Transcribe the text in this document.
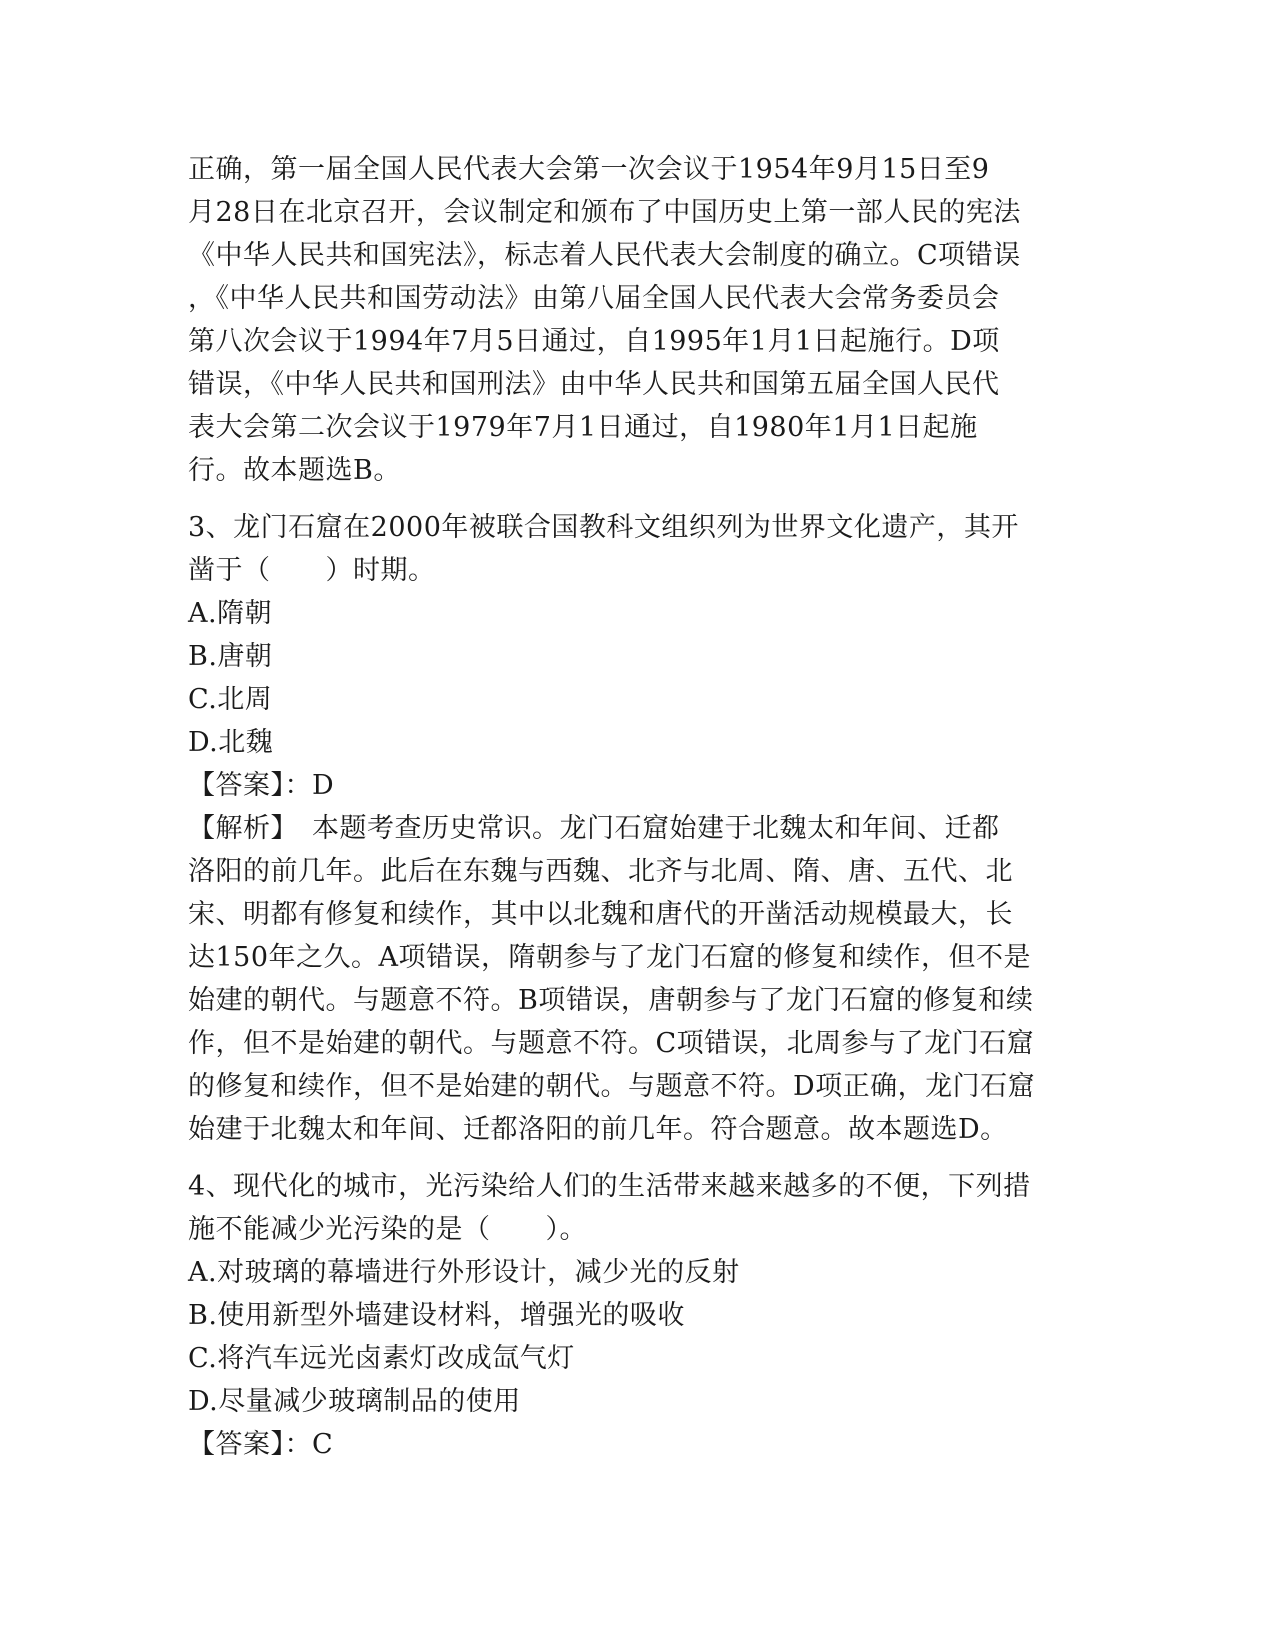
正确，第一届全国人民代表大会第一次会议于1954年9月15日至9
月28日在北京召开，会议制定和颁布了中国历史上第一部人民的宪法
《中华人民共和国宪法》，标志着人民代表大会制度的确立。C项错误
，《中华人民共和国劳动法》由第八届全国人民代表大会常务委员会
第八次会议于1994年7月5日通过，自1995年1月1日起施行。D项
错误，《中华人民共和国刑法》由中华人民共和国第五届全国人民代
表大会第二次会议于1979年7月1日通过，自1980年1月1日起施
行。故本题选B。
3、龙门石窟在2000年被联合国教科文组织列为世界文化遗产，其开
凿于（　　）时期。
A.隋朝
B.唐朝
C.北周
D.北魏
【答案】：D
【解析】　本题考查历史常识。龙门石窟始建于北魏太和年间、迁都
洛阳的前几年。此后在东魏与西魏、北齐与北周、隋、唐、五代、北
宋、明都有修复和续作，其中以北魏和唐代的开凿活动规模最大，长
达150年之久。A项错误，隋朝参与了龙门石窟的修复和续作，但不是
始建的朝代。与题意不符。B项错误，唐朝参与了龙门石窟的修复和续
作，但不是始建的朝代。与题意不符。C项错误，北周参与了龙门石窟
的修复和续作，但不是始建的朝代。与题意不符。D项正确，龙门石窟
始建于北魏太和年间、迁都洛阳的前几年。符合题意。故本题选D。
4、现代化的城市，光污染给人们的生活带来越来越多的不便，下列措
施不能减少光污染的是（　　）。
A.对玻璃的幕墙进行外形设计，减少光的反射
B.使用新型外墙建设材料，增强光的吸收
C.将汽车远光卤素灯改成氙气灯
D.尽量减少玻璃制品的使用
【答案】：C
